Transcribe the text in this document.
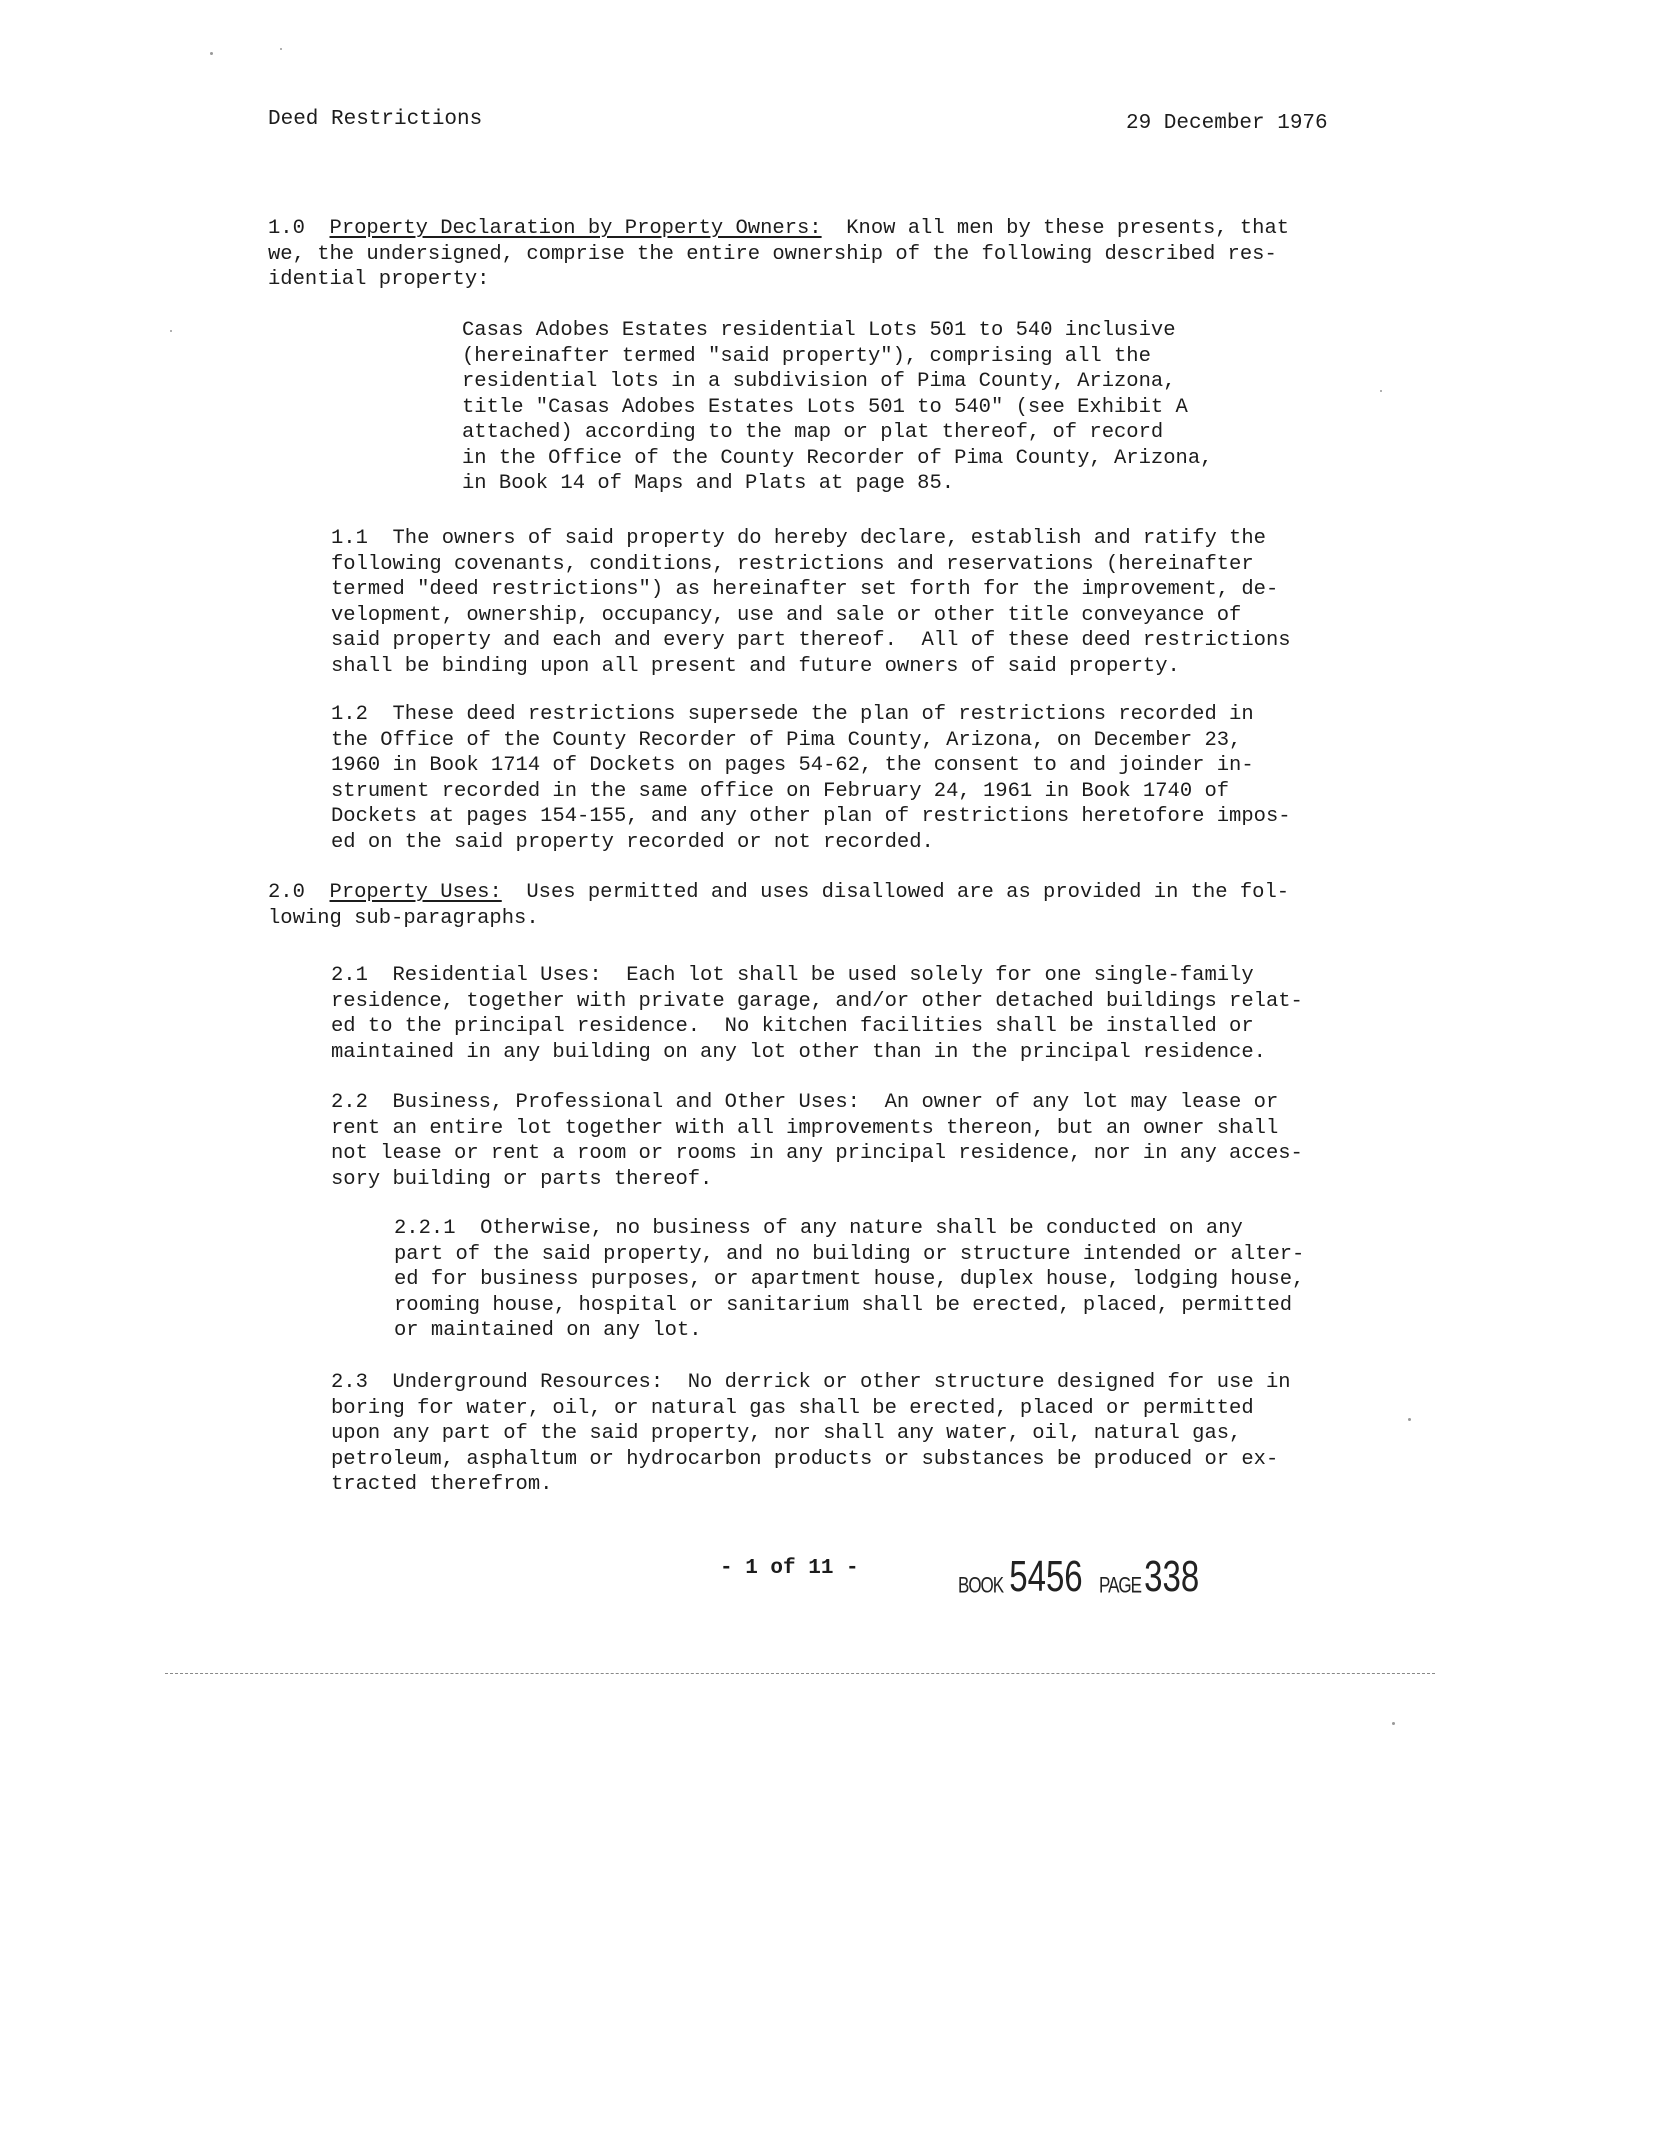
Deed Restrictions	29 December 1976
1.0 Property Declaration by Property Owners: Know all men by these presents, that
we, the undersigned, comprise the entire ownership of the following described res-
idential property:
Casas Adobes Estates residential Lots 501 to 540 inclusive
(hereinafter termed "said property"), comprising all the
residential lots in a subdivision of Pima County, Arizona,
title "Casas Adobes Estates Lots 501 to 540" (see Exhibit A
attached) according to the map or plat thereof, of record
in the Office of the County Recorder of Pima County, Arizona,
in Book 14 of Maps and Plats at page 85.
1.1  The owners of said property do hereby declare, establish and ratify the
following covenants, conditions, restrictions and reservations (hereinafter
termed "deed restrictions") as hereinafter set forth for the improvement, de-
velopment, ownership, occupancy, use and sale or other title conveyance of
said property and each and every part thereof.  All of these deed restrictions
shall be binding upon all present and future owners of said property.
1.2  These deed restrictions supersede the plan of restrictions recorded in
the Office of the County Recorder of Pima County, Arizona, on December 23,
1960 in Book 1714 of Dockets on pages 54-62, the consent to and joinder in-
strument recorded in the same office on February 24, 1961 in Book 1740 of
Dockets at pages 154-155, and any other plan of restrictions heretofore impos-
ed on the said property recorded or not recorded.
2.0 Property Uses: Uses permitted and uses disallowed are as provided in the fol-
lowing sub-paragraphs.
2.1  Residential Uses:  Each lot shall be used solely for one single-family
residence, together with private garage, and/or other detached buildings relat-
ed to the principal residence.  No kitchen facilities shall be installed or
maintained in any building on any lot other than in the principal residence.
2.2  Business, Professional and Other Uses:  An owner of any lot may lease or
rent an entire lot together with all improvements thereon, but an owner shall
not lease or rent a room or rooms in any principal residence, nor in any acces-
sory building or parts thereof.
2.2.1  Otherwise, no business of any nature shall be conducted on any
part of the said property, and no building or structure intended or alter-
ed for business purposes, or apartment house, duplex house, lodging house,
rooming house, hospital or sanitarium shall be erected, placed, permitted
or maintained on any lot.
2.3  Underground Resources:  No derrick or other structure designed for use in
boring for water, oil, or natural gas shall be erected, placed or permitted
upon any part of the said property, nor shall any water, oil, natural gas,
petroleum, asphaltum or hydrocarbon products or substances be produced or ex-
tracted therefrom.
- 1 of 11 -
BOOK 5456 PAGE 338
